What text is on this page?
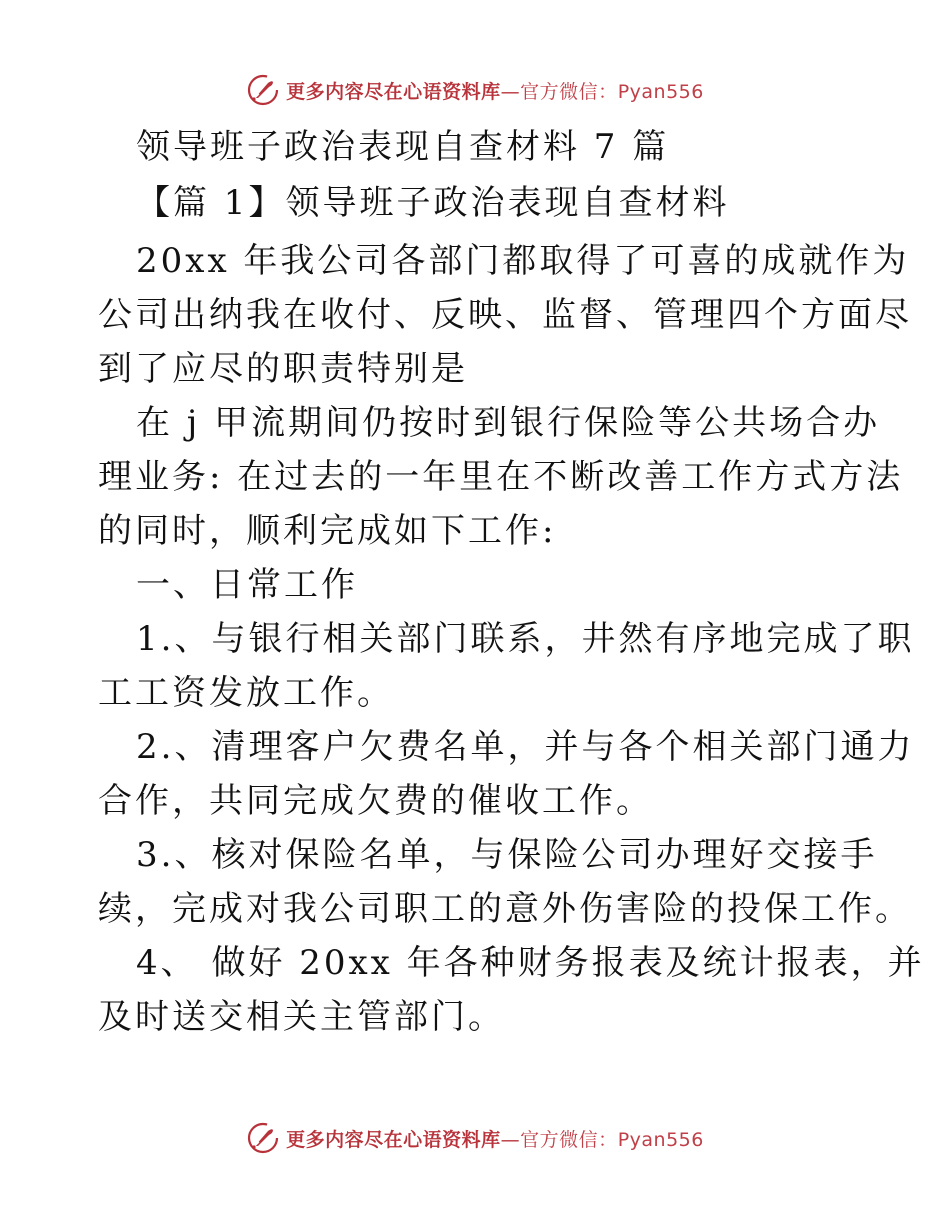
更多内容尽在心语资料库—官方微信：Pyan556
领导班子政治表现自查材料 7 篇
【篇 1】领导班子政治表现自查材料
20xx 年我公司各部门都取得了可喜的成就作为
公司出纳我在收付、反映、监督、管理四个方面尽
到了应尽的职责特别是
在 j 甲流期间仍按时到银行保险等公共场合办
理业务: 在过去的一年里在不断改善工作方式方法
的同时，顺利完成如下工作:
一、日常工作
1.、与银行相关部门联系，井然有序地完成了职
工工资发放工作。
2.、清理客户欠费名单，并与各个相关部门通力
合作，共同完成欠费的催收工作。
3.、核对保险名单，与保险公司办理好交接手
续，完成对我公司职工的意外伤害险的投保工作。
4、 做好 20xx 年各种财务报表及统计报表，并
及时送交相关主管部门。
更多内容尽在心语资料库—官方微信：Pyan556
